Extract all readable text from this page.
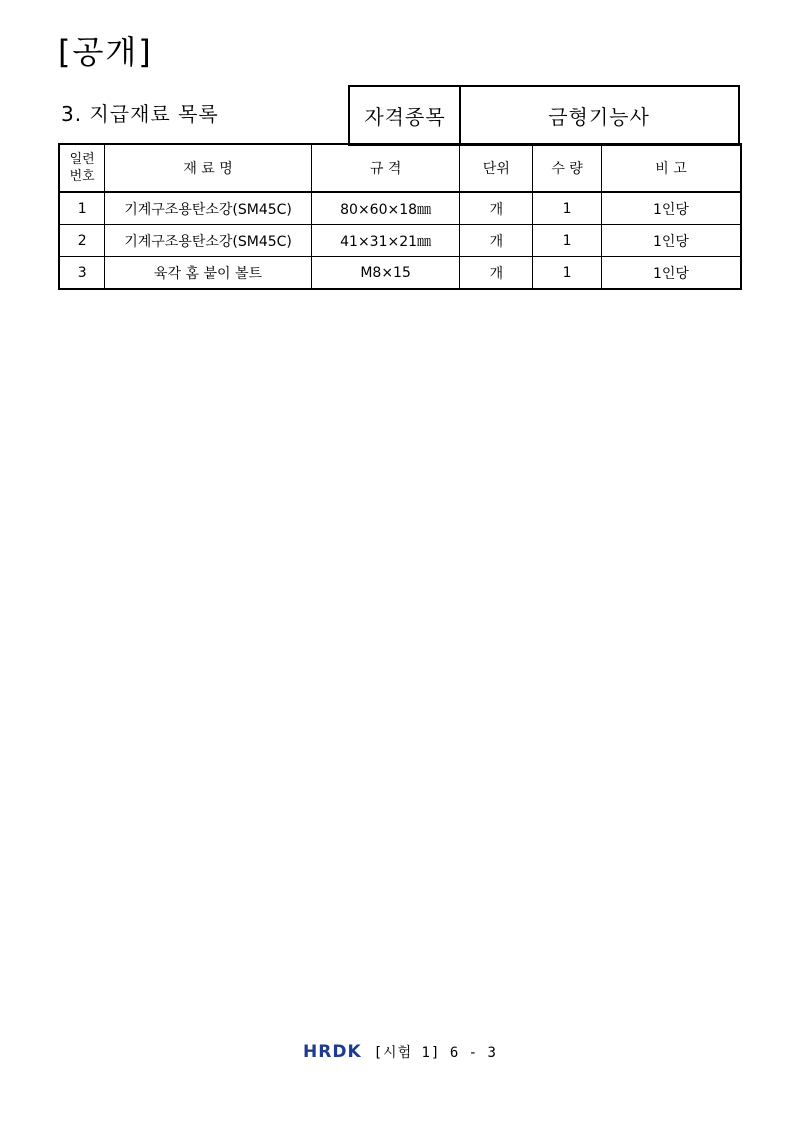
[공개]
3. 지급재료 목록	자격종목	금형기능사
일련
번호	재 료 명	규 격	단위	수 량	비 고
1	기계구조용탄소강(SM45C)	80×60×18㎜	개	1	1인당
2	기계구조용탄소강(SM45C)	41×31×21㎜	개	1	1인당
3	육각 홈 붙이 볼트	M8×15	개	1	1인당
HRDK [시험 1] 6 - 3
